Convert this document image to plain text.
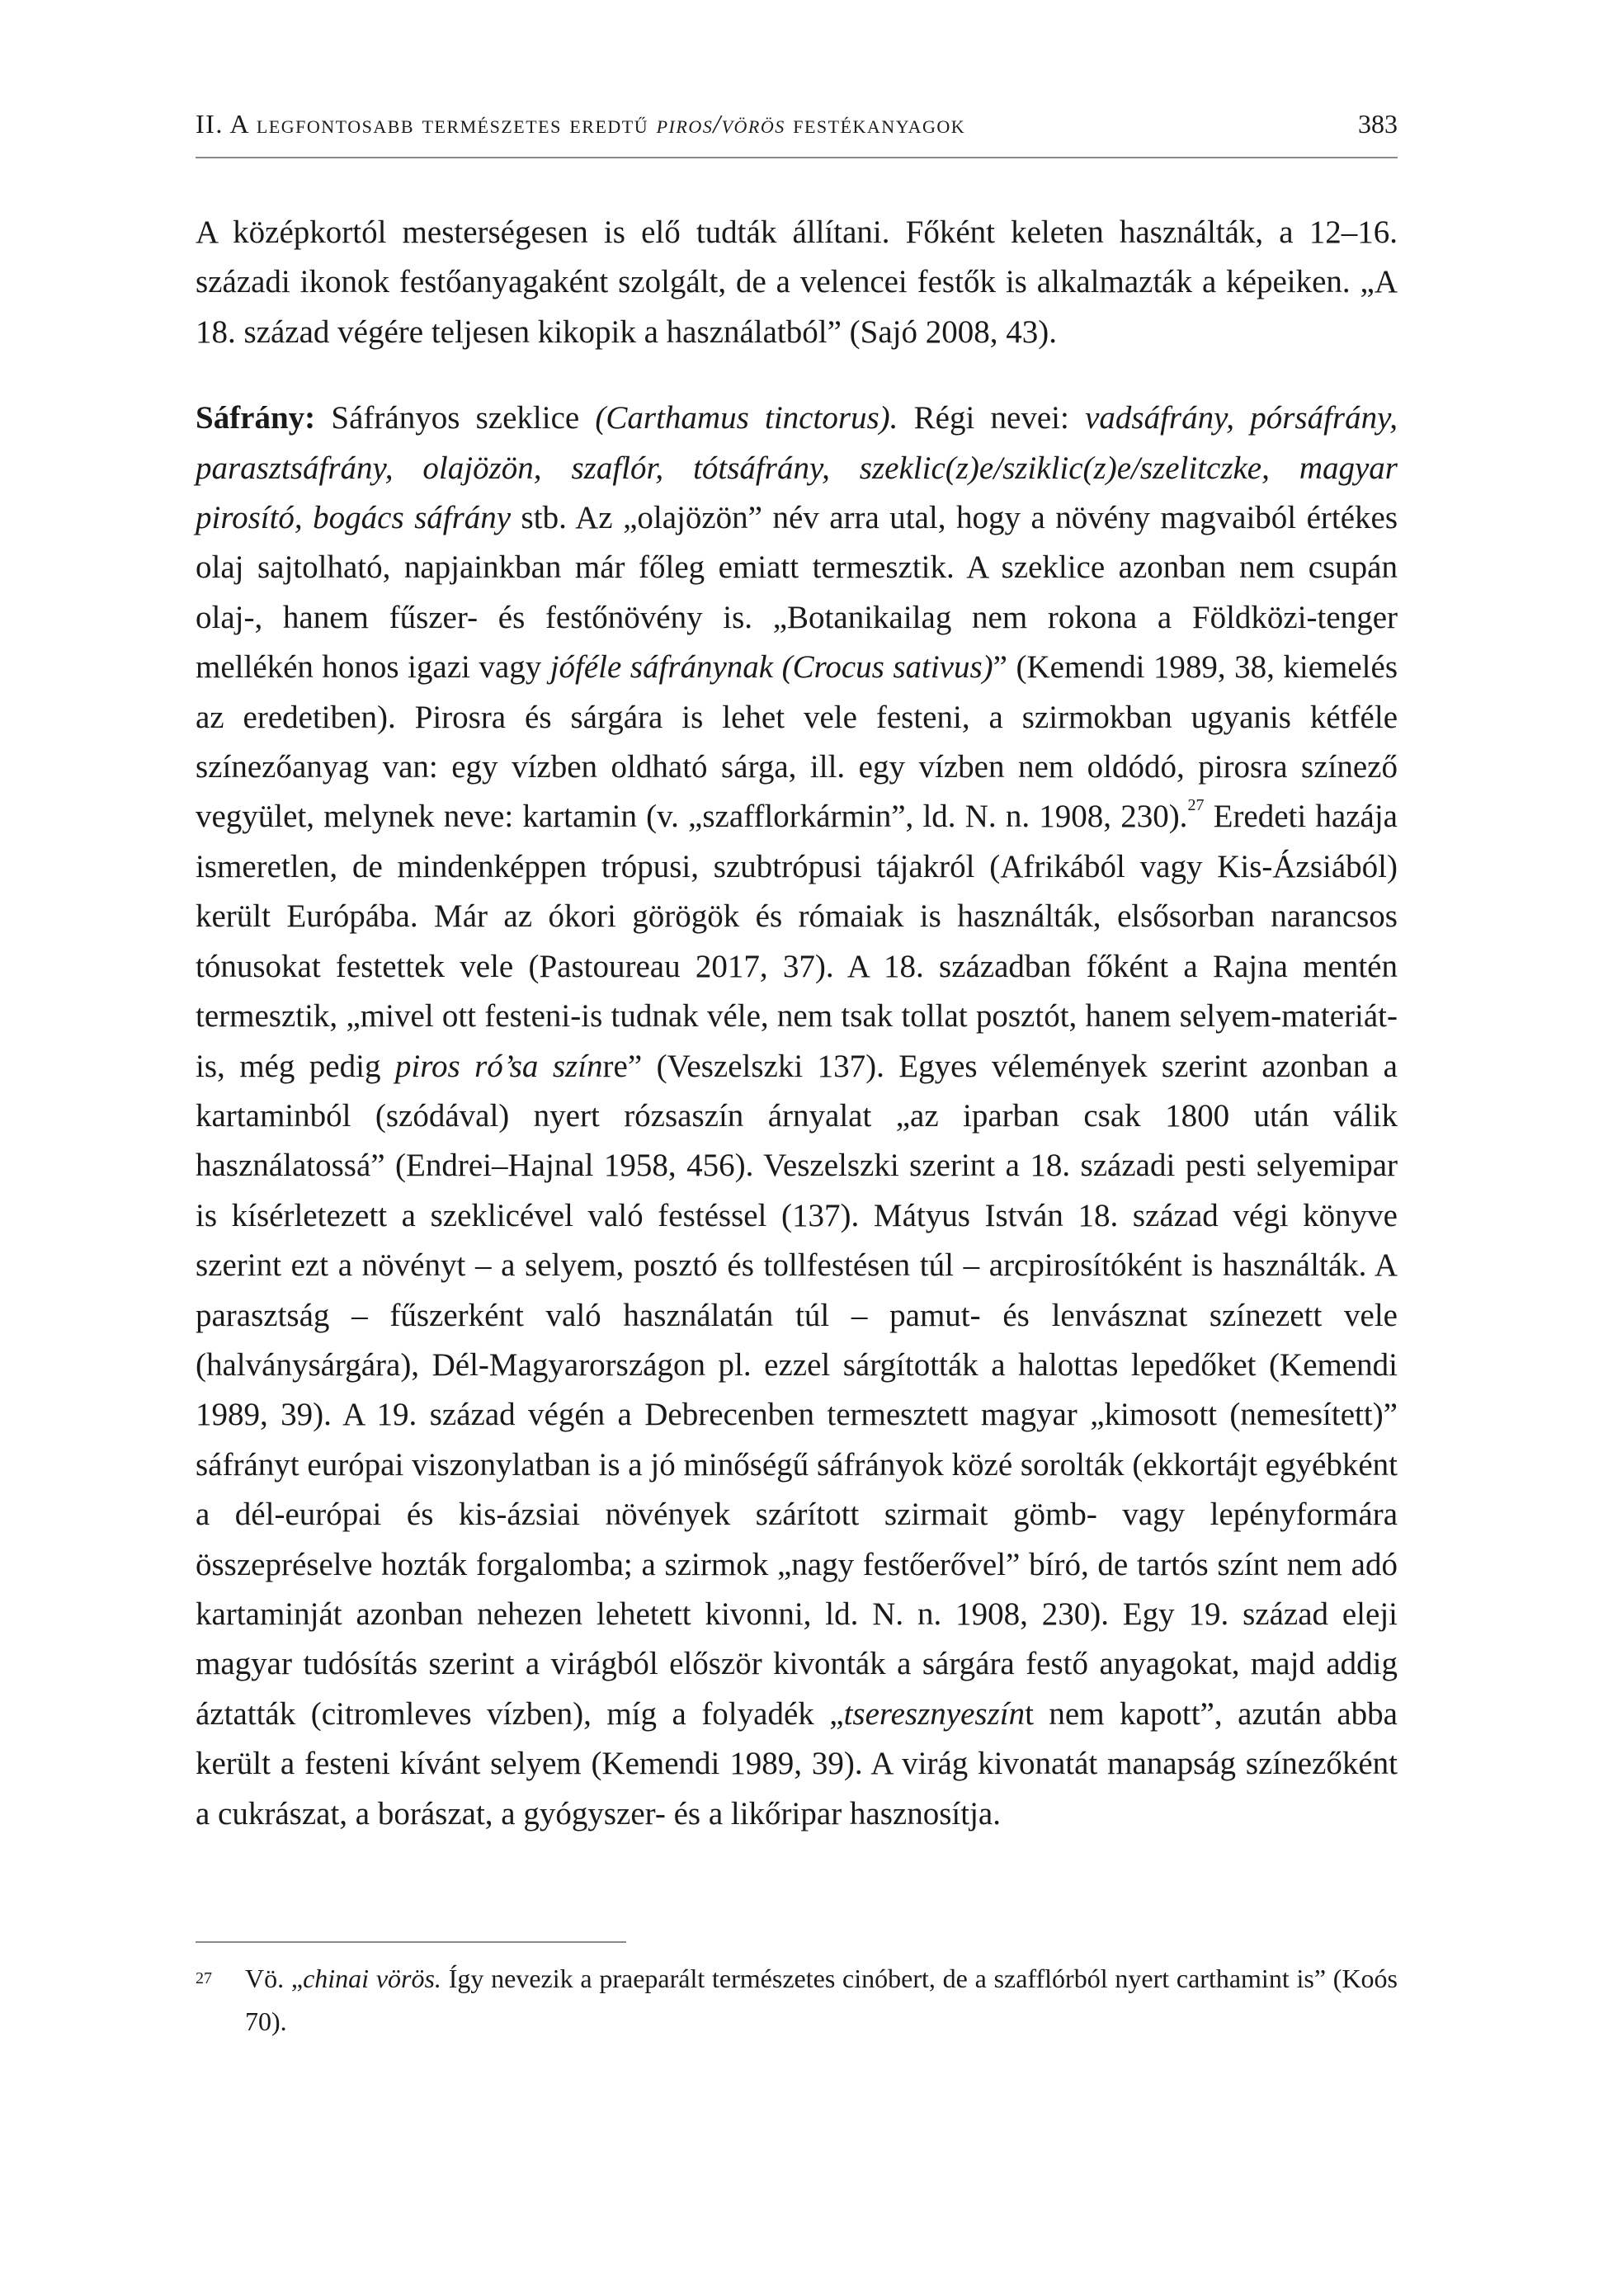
II. A legfontosabb természetes eredtű piros/vörös festékanyagok	383

A középkortól mesterségesen is elő tudták állítani. Főként keleten használták, a 12–16. századi ikonok festőanyagaként szolgált, de a velencei festők is alkalmazták a képeiken. „A 18. század végére teljesen kikopik a használatból” (Sajó 2008, 43).

Sáfrány: Sáfrányos szeklice (Carthamus tinctorus). Régi nevei: vadsáfrány, pórsáfrány, parasztsáfrány, olajözön, szaflór, tótsáfrány, szeklic(z)e/sziklic(z)e/szelitczke, magyar pirosító, bogács sáfrány stb. Az „olajözön” név arra utal, hogy a növény magvaiból értékes olaj sajtolható, napjainkban már főleg emiatt termesztik. A szeklice azonban nem csupán olaj-, hanem fűszer- és festőnövény is. „Botanikailag nem rokona a Földközi-tenger mellékén honos igazi vagy jóféle sáfránynak (Crocus sativus)” (Kemendi 1989, 38, kiemelés az eredetiben). Pirosra és sárgára is lehet vele festeni, a szirmokban ugyanis kétféle színezőanyag van: egy vízben oldható sárga, ill. egy vízben nem oldódó, pirosra színező vegyület, melynek neve: kartamin (v. „szafflorkármin”, ld. N. n. 1908, 230).$^{27}$ Eredeti hazája ismeretlen, de mindenképpen trópusi, szubtrópusi tájakról (Afrikából vagy Kis-Ázsiából) került Európába. Már az ókori görögök és rómaiak is használták, elsősorban narancsos tónusokat festettek vele (Pastoureau 2017, 37). A 18. században főként a Rajna mentén termesztik, „mivel ott festeni-is tudnak véle, nem tsak tollat posztót, hanem selyem-materiát-is, még pedig piros ró’sa színre” (Veszelszki 137). Egyes vélemények szerint azonban a kartaminból (szódával) nyert rózsaszín árnyalat „az iparban csak 1800 után válik használatossá” (Endrei–Hajnal 1958, 456). Veszelszki szerint a 18. századi pesti selyemipar is kísérletezett a szeklicével való festéssel (137). Mátyus István 18. század végi könyve szerint ezt a növényt – a selyem, posztó és tollfestésen túl – arcpirosítóként is használták. A parasztság – fűszerként való használatán túl – pamut- és lenvásznat színezett vele (halványsárgára), Dél-Magyarországon pl. ezzel sárgították a halottas lepedőket (Kemendi 1989, 39). A 19. század végén a Debrecenben termesztett magyar „kimosott (nemesített)” sáfrányt európai viszonylatban is a jó minőségű sáfrányok közé sorolták (ekkortájt egyébként a dél-európai és kis-ázsiai növények szárított szirmait gömb- vagy lepényformára összepréselve hozták forgalomba; a szirmok „nagy festőerővel” bíró, de tartós színt nem adó kartaminját azonban nehezen lehetett kivonni, ld. N. n. 1908, 230). Egy 19. század eleji magyar tudósítás szerint a virágból először kivonták a sárgára festő anyagokat, majd addig áztatták (citromleves vízben), míg a folyadék „tseresznyeszínt nem kapott”, azután abba került a festeni kívánt selyem (Kemendi 1989, 39). A virág kivonatát manapság színezőként a cukrászat, a borászat, a gyógyszer- és a likőripar hasznosítja.

27 Vö. „chinai vörös. Így nevezik a praeparált természetes cinóbert, de a szafflórból nyert carthamint is” (Koós 70).
